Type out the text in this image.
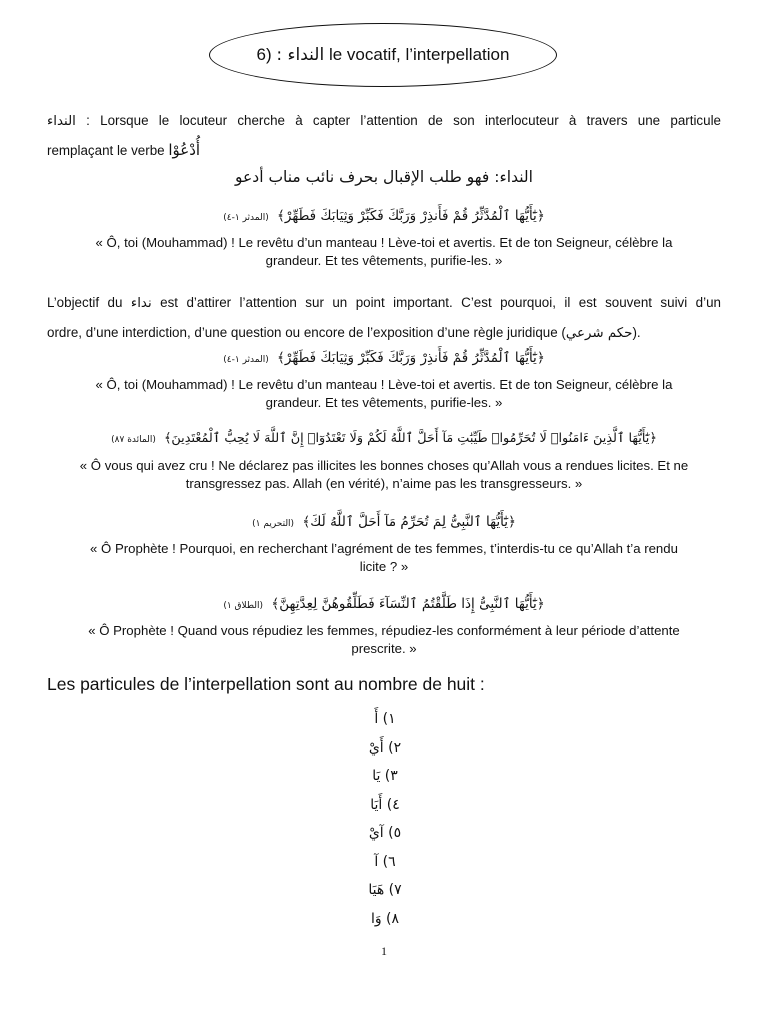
6) النداء : le vocatif, l’interpellation
النداء : Lorsque le locuteur cherche à capter l’attention de son interlocuteur à travers une particule
remplaçant le verbe أُدْعُوْا
النداء: فهو طلب الإقبال بحرف نائب مناب أدعو
﴿يَٰٓأَيُّهَا ٱلْمُدَّثِّرُ قُمْ فَأَنذِرْ وَرَبَّكَ فَكَبِّرْ وَثِيَابَكَ فَطَهِّرْ﴾ (المدثر ١-٤)
« Ô, toi (Mouhammad) ! Le revêtu d’un manteau ! Lève-toi et avertis. Et de ton Seigneur, célèbre la
grandeur. Et tes vêtements, purifie-les. »
L’objectif du نداء est d’attirer l’attention sur un point important. C’est pourquoi, il est souvent suivi d’un
ordre, d’une interdiction, d’une question ou encore de l’exposition d’une règle juridique (حكم شرعي).
﴿يَٰٓأَيُّهَا ٱلْمُدَّثِّرُ قُمْ فَأَنذِرْ وَرَبَّكَ فَكَبِّرْ وَثِيَابَكَ فَطَهِّرْ﴾ (المدثر ١-٤)
« Ô, toi (Mouhammad) ! Le revêtu d’un manteau ! Lève-toi et avertis. Et de ton Seigneur, célèbre la
grandeur. Et tes vêtements, purifie-les. »
﴿يَٰٓأَيُّهَا ٱلَّذِينَ ءَامَنُوا۟ لَا تُحَرِّمُوا۟ طَيِّبَٰتِ مَآ أَحَلَّ ٱللَّهُ لَكُمْ وَلَا تَعْتَدُوٓا۟ إِنَّ ٱللَّهَ لَا يُحِبُّ ٱلْمُعْتَدِينَ﴾ (المائدة ٨٧)
« Ô vous qui avez cru ! Ne déclarez pas illicites les bonnes choses qu’Allah vous a rendues licites. Et ne
transgressez pas. Allah (en vérité), n’aime pas les transgresseurs. »
﴿يَٰٓأَيُّهَا ٱلنَّبِىُّ لِمَ تُحَرِّمُ مَآ أَحَلَّ ٱللَّهُ لَكَ﴾ (التحريم ١)
« Ô Prophète ! Pourquoi, en recherchant l’agrément de tes femmes, t’interdis-tu ce qu’Allah t’a rendu
licite ? »
﴿يَٰٓأَيُّهَا ٱلنَّبِىُّ إِذَا طَلَّقْتُمُ ٱلنِّسَآءَ فَطَلِّقُوهُنَّ لِعِدَّتِهِنَّ﴾ (الطلاق ١)
« Ô Prophète ! Quand vous répudiez les femmes, répudiez-les conformément à leur période d’attente
prescrite. »
Les particules de l’interpellation sont au nombre de huit :
١) أَ
٢) أَيْ
٣) يَا
٤) أَيَا
٥) آيْ
٦) آ
٧) هَيَا
٨) وَا
1
